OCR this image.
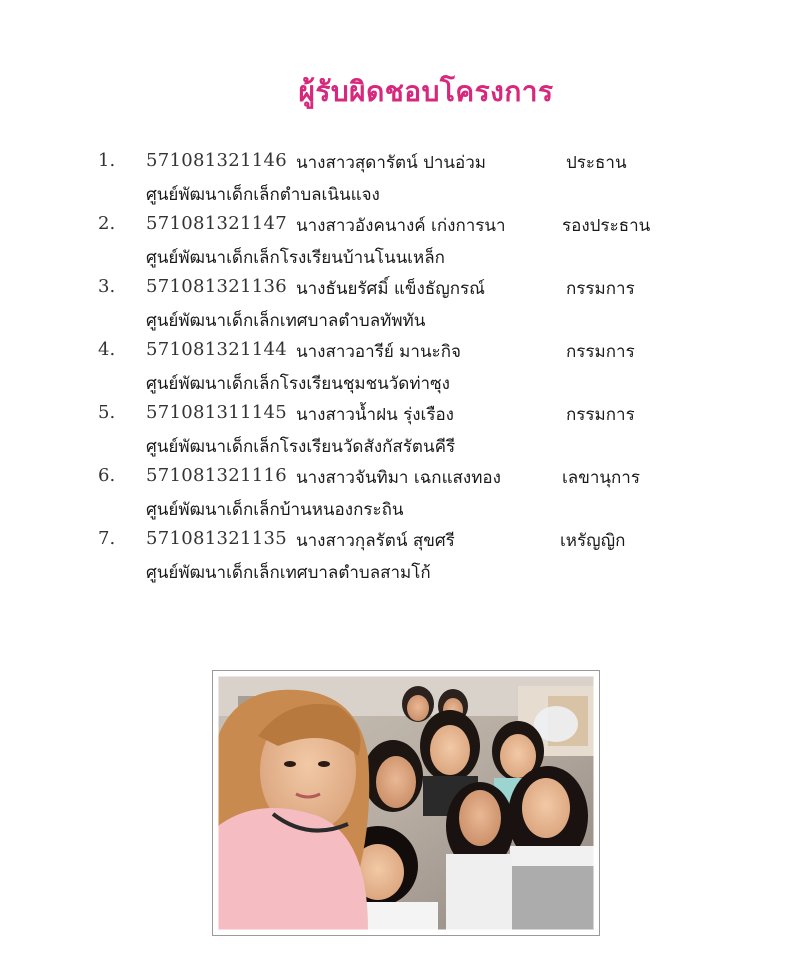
ผู้รับผิดชอบโครงการ
1. 571081321146 นางสาวสุดารัตน์ ปานอ่วม	ประธาน
ศูนย์พัฒนาเด็กเล็กตำบลเนินแจง
2. 571081321147 นางสาวอังคนางค์ เก่งการนา	รองประธาน
ศูนย์พัฒนาเด็กเล็กโรงเรียนบ้านโนนเหล็ก
3. 571081321136 นางธันยรัศมิ์ แข็งธัญกรณ์	กรรมการ
ศูนย์พัฒนาเด็กเล็กเทศบาลตำบลทัพทัน
4. 571081321144 นางสาวอารีย์ มานะกิจ	กรรมการ
ศูนย์พัฒนาเด็กเล็กโรงเรียนชุมชนวัดท่าซุง
5. 571081311145 นางสาวน้ำฝน รุ่งเรือง	กรรมการ
ศูนย์พัฒนาเด็กเล็กโรงเรียนวัดสังกัสรัตนคีรี
6. 571081321116 นางสาวจันทิมา เฉกแสงทอง	เลขานุการ
ศูนย์พัฒนาเด็กเล็กบ้านหนองกระถิน
7. 571081321135 นางสาวกุลรัตน์ สุขศรี	เหรัญญิก
ศูนย์พัฒนาเด็กเล็กเทศบาลตำบลสามโก้
